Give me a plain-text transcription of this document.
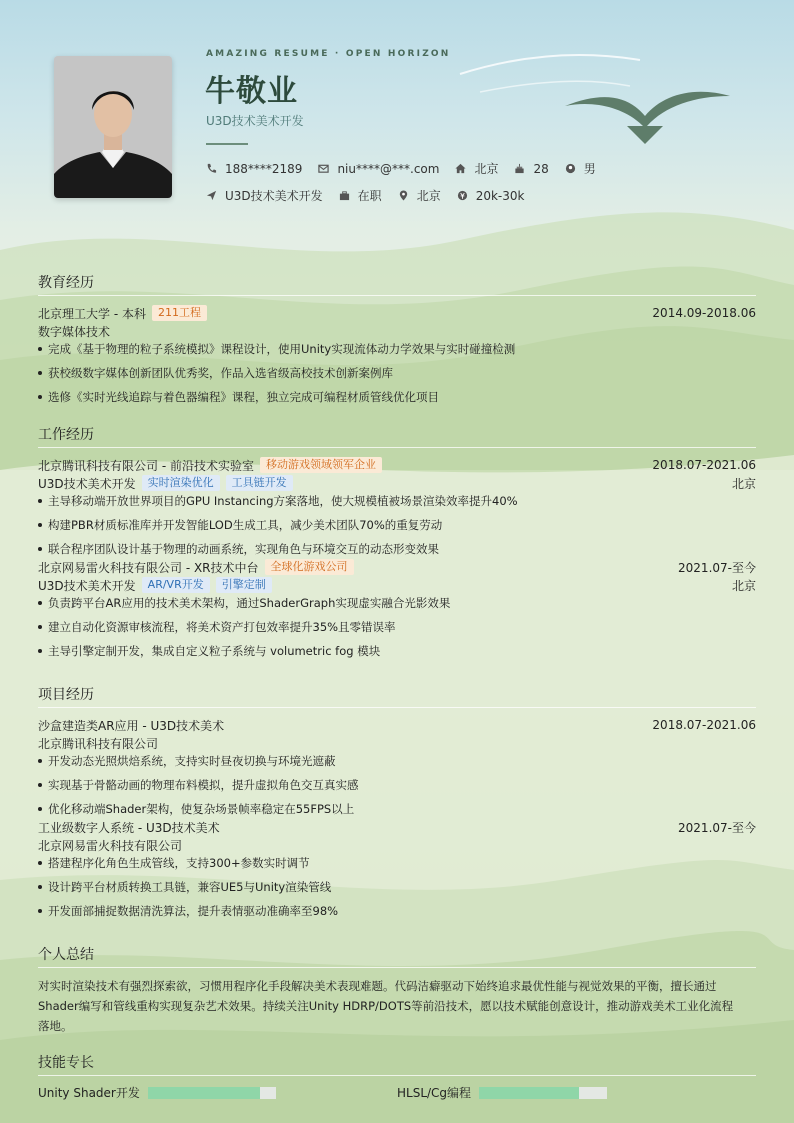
AMAZING RESUME · OPEN HORIZON
牛敬业
U3D技术美术开发
188****2189	niu****@***.com	北京	28	男
U3D技术美术开发	在职	北京	20k-30k
教育经历
北京理工大学 - 本科	211工程	2014.09-2018.06
数字媒体技术
完成《基于物理的粒子系统模拟》课程设计，使用Unity实现流体动力学效果与实时碰撞检测
获校级数字媒体创新团队优秀奖，作品入选省级高校技术创新案例库
选修《实时光线追踪与着色器编程》课程，独立完成可编程材质管线优化项目
工作经历
北京腾讯科技有限公司 - 前沿技术实验室	移动游戏领域领军企业	2018.07-2021.06
U3D技术美术开发	实时渲染优化	工具链开发	北京
主导移动端开放世界项目的GPU Instancing方案落地，使大规模植被场景渲染效率提升40%
构建PBR材质标准库并开发智能LOD生成工具，减少美术团队70%的重复劳动
联合程序团队设计基于物理的动画系统，实现角色与环境交互的动态形变效果
北京网易雷火科技有限公司 - XR技术中台	全球化游戏公司	2021.07-至今
U3D技术美术开发	AR/VR开发	引擎定制	北京
负责跨平台AR应用的技术美术架构，通过ShaderGraph实现虚实融合光影效果
建立自动化资源审核流程，将美术资产打包效率提升35%且零错误率
主导引擎定制开发，集成自定义粒子系统与 volumetric fog 模块
项目经历
沙盒建造类AR应用 - U3D技术美术	2018.07-2021.06
北京腾讯科技有限公司
开发动态光照烘焙系统，支持实时昼夜切换与环境光遮蔽
实现基于骨骼动画的物理布料模拟，提升虚拟角色交互真实感
优化移动端Shader架构，使复杂场景帧率稳定在55FPS以上
工业级数字人系统 - U3D技术美术	2021.07-至今
北京网易雷火科技有限公司
搭建程序化角色生成管线，支持300+参数实时调节
设计跨平台材质转换工具链，兼容UE5与Unity渲染管线
开发面部捕捉数据清洗算法，提升表情驱动准确率至98%
个人总结
对实时渲染技术有强烈探索欲，习惯用程序化手段解决美术表现难题。代码洁癖驱动下始终追求最优性能与视觉效果的平衡，擅长通过
Shader编写和管线重构实现复杂艺术效果。持续关注Unity HDRP/DOTS等前沿技术，愿以技术赋能创意设计，推动游戏美术工业化流程
落地。
技能专长
Unity Shader开发	HLSL/Cg编程
